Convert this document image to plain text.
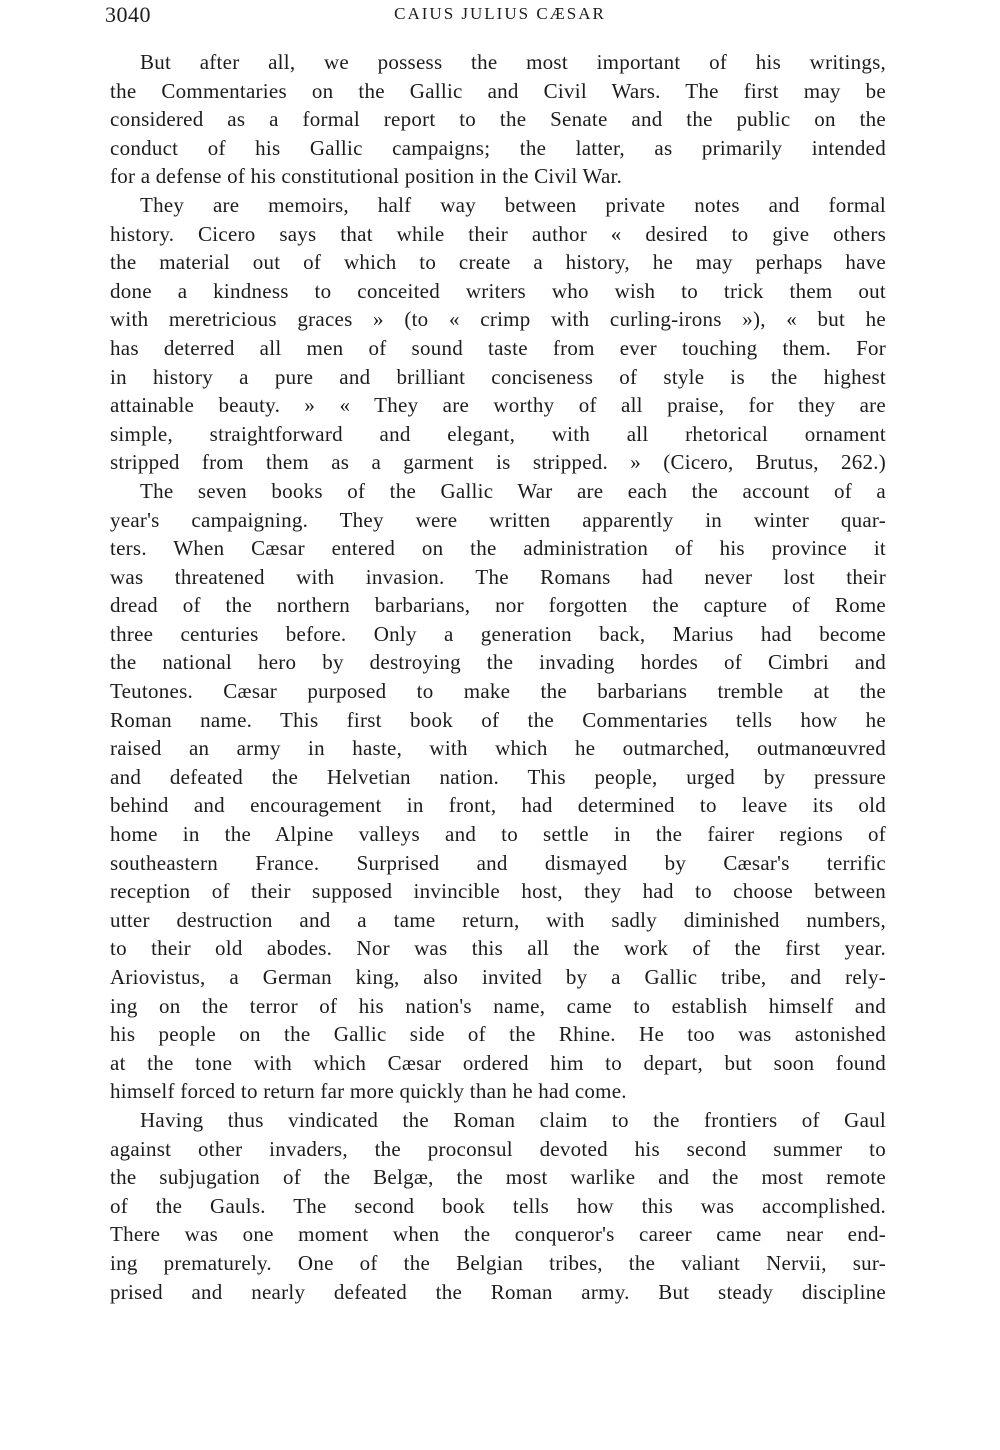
3040	CAIUS JULIUS CÆSAR
But after all, we possess the most important of his writings,
the Commentaries on the Gallic and Civil Wars. The first may be
considered as a formal report to the Senate and the public on the
conduct of his Gallic campaigns; the latter, as primarily intended
for a defense of his constitutional position in the Civil War.
They are memoirs, half way between private notes and formal
history. Cicero says that while their author « desired to give others
the material out of which to create a history, he may perhaps have
done a kindness to conceited writers who wish to trick them out
with meretricious graces » (to « crimp with curling-irons »), « but he
has deterred all men of sound taste from ever touching them. For
in history a pure and brilliant conciseness of style is the highest
attainable beauty. » « They are worthy of all praise, for they are
simple, straightforward and elegant, with all rhetorical ornament
stripped from them as a garment is stripped. » (Cicero, Brutus, 262.)
The seven books of the Gallic War are each the account of a
year's campaigning. They were written apparently in winter quar-
ters. When Cæsar entered on the administration of his province it
was threatened with invasion. The Romans had never lost their
dread of the northern barbarians, nor forgotten the capture of Rome
three centuries before. Only a generation back, Marius had become
the national hero by destroying the invading hordes of Cimbri and
Teutones. Cæsar purposed to make the barbarians tremble at the
Roman name. This first book of the Commentaries tells how he
raised an army in haste, with which he outmarched, outmanœuvred
and defeated the Helvetian nation. This people, urged by pressure
behind and encouragement in front, had determined to leave its old
home in the Alpine valleys and to settle in the fairer regions of
southeastern France. Surprised and dismayed by Cæsar's terrific
reception of their supposed invincible host, they had to choose between
utter destruction and a tame return, with sadly diminished numbers,
to their old abodes. Nor was this all the work of the first year.
Ariovistus, a German king, also invited by a Gallic tribe, and rely-
ing on the terror of his nation's name, came to establish himself and
his people on the Gallic side of the Rhine. He too was astonished
at the tone with which Cæsar ordered him to depart, but soon found
himself forced to return far more quickly than he had come.
Having thus vindicated the Roman claim to the frontiers of Gaul
against other invaders, the proconsul devoted his second summer to
the subjugation of the Belgæ, the most warlike and the most remote
of the Gauls. The second book tells how this was accomplished.
There was one moment when the conqueror's career came near end-
ing prematurely. One of the Belgian tribes, the valiant Nervii, sur-
prised and nearly defeated the Roman army. But steady discipline
